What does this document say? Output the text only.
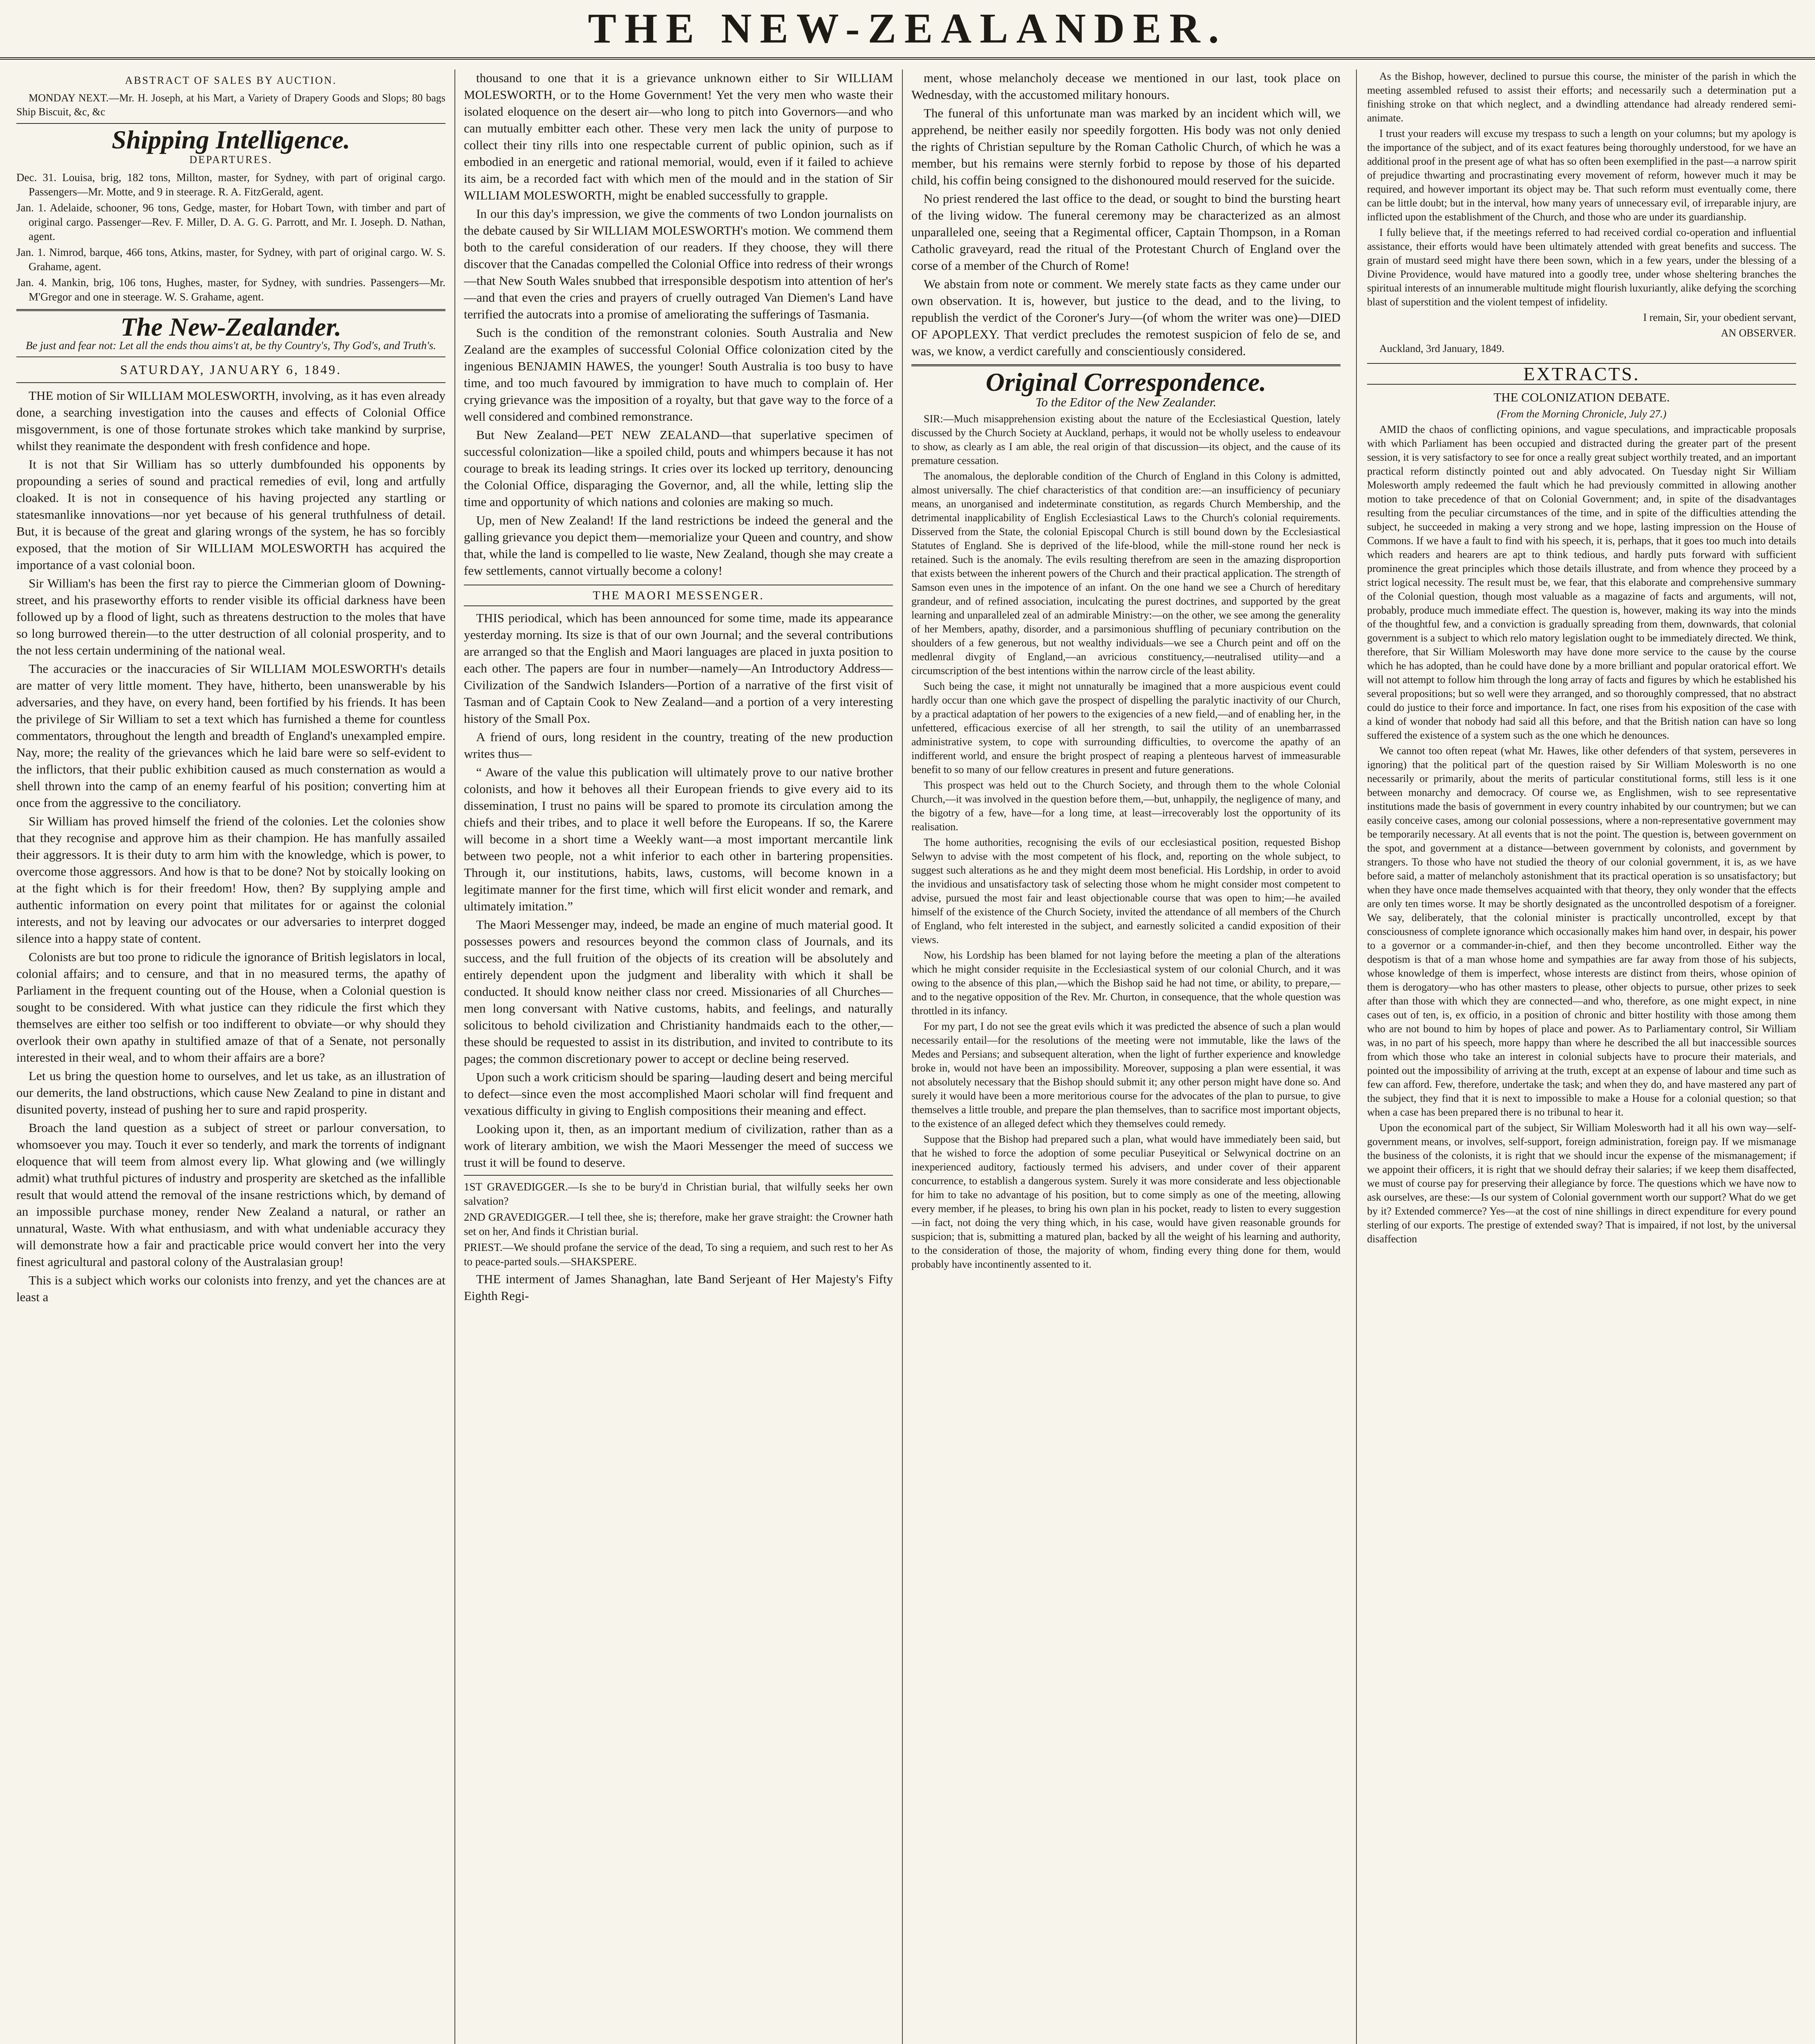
THE NEW-ZEALANDER.
ABSTRACT OF SALES BY AUCTION.

MONDAY NEXT.—Mr. H. Joseph, at his Mart, a Variety of Drapery Goods and Slops; 80 bags Ship Biscuit, &c, &c

Shipping Intelligence.
DEPARTURES.

Dec. 31. Louisa, brig, 182 tons, Millton, master, for Sydney, with part of original cargo. Passengers—Mr. Motte, and 9 in steerage. R. A. FitzGerald, agent.

Jan. 1. Adelaide, schooner, 96 tons, Gedge, master, for Hobart Town, with timber and part of original cargo. Passenger—Rev. F. Miller, D. A. G. G. Parrott, and Mr. I. Joseph. D. Nathan, agent.

Jan. 1. Nimrod, barque, 466 tons, Atkins, master, for Sydney, with part of original cargo. W. S. Grahame, agent.

Jan. 4. Mankin, brig, 106 tons, Hughes, master, for Sydney, with sundries. Passengers—Mr. M'Gregor and one in steerage. W. S. Grahame, agent.

The New-Zealander.

Be just and fear not: Let all the ends thou aims't at, be thy Country's, Thy God's, and Truth's.

SATURDAY, JANUARY 6, 1849.

THE motion of Sir WILLIAM MOLESWORTH, involving, as it has even already done, a searching investigation into the causes and effects of Colonial Office misgovernment, is one of those fortunate strokes which take mankind by surprise, whilst they reanimate the despondent with fresh confidence and hope.

It is not that Sir William has so utterly dumbfounded his opponents by propounding a series of sound and practical remedies of evil, long and artfully cloaked. It is not in consequence of his having projected any startling or statesmanlike innovations—nor yet because of his general truthfulness of detail. But, it is because of the great and glaring wrongs of the system, he has so forcibly exposed, that the motion of Sir WILLIAM MOLESWORTH has acquired the importance of a vast colonial boon.

Sir William's has been the first ray to pierce the Cimmerian gloom of Downing-street, and his praseworthy efforts to render visible its official darkness have been followed up by a flood of light, such as threatens destruction to the moles that have so long burrowed therein—to the utter destruction of all colonial prosperity, and to the not less certain undermining of the national weal.

The accuracies or the inaccuracies of Sir WILLIAM MOLESWORTH's details are matter of very little moment. They have, hitherto, been unanswerable by his adversaries, and they have, on every hand, been fortified by his friends. It has been the privilege of Sir William to set a text which has furnished a theme for countless commentators, throughout the length and breadth of England's unexampled empire. Nay, more; the reality of the grievances which he laid bare were so self-evident to the inflictors, that their public exhibition caused as much consternation as would a shell thrown into the camp of an enemy fearful of his position; converting him at once from the aggressive to the conciliatory.

Sir William has proved himself the friend of the colonies. Let the colonies show that they recognise and approve him as their champion. He has manfully assailed their aggressors. It is their duty to arm him with the knowledge, which is power, to overcome those aggressors. And how is that to be done? Not by stoically looking on at the fight which is for their freedom! How, then? By supplying ample and authentic information on every point that militates for or against the colonial interests, and not by leaving our advocates or our adversaries to interpret dogged silence into a happy state of content.

Colonists are but too prone to ridicule the ignorance of British legislators in local, colonial affairs; and to censure, and that in no measured terms, the apathy of Parliament in the frequent counting out of the House, when a Colonial question is sought to be considered. With what justice can they ridicule the first which they themselves are either too selfish or too indifferent to obviate—or why should they overlook their own apathy in stultified amaze of that of a Senate, not personally interested in their weal, and to whom their affairs are a bore?

Let us bring the question home to ourselves, and let us take, as an illustration of our demerits, the land obstructions, which cause New Zealand to pine in distant and disunited poverty, instead of pushing her to sure and rapid prosperity.

Broach the land question as a subject of street or parlour conversation, to whomsoever you may. Touch it ever so tenderly, and mark the torrents of indignant eloquence that will teem from almost every lip. What glowing and (we willingly admit) what truthful pictures of industry and prosperity are sketched as the infallible result that would attend the removal of the insane restrictions which, by demand of an impossible purchase money, render New Zealand a natural, or rather an unnatural, Waste. With what enthusiasm, and with what undeniable accuracy they will demonstrate how a fair and practicable price would convert her into the very finest agricultural and pastoral colony of the Australasian group!

This is a subject which works our colonists into frenzy, and yet the chances are at least a

thousand to one that it is a grievance unknown either to Sir WILLIAM MOLESWORTH, or to the Home Government! Yet the very men who waste their isolated eloquence on the desert air—who long to pitch into Governors—and who can mutually embitter each other. These very men lack the unity of purpose to collect their tiny rills into one respectable current of public opinion, such as if embodied in an energetic and rational memorial, would, even if it failed to achieve its aim, be a recorded fact with which men of the mould and in the station of Sir WILLIAM MOLESWORTH, might be enabled successfully to grapple.

In our this day's impression, we give the comments of two London journalists on the debate caused by Sir WILLIAM MOLESWORTH's motion. We commend them both to the careful consideration of our readers. If they choose, they will there discover that the Canadas compelled the Colonial Office into redress of their wrongs—that New South Wales snubbed that irresponsible despotism into attention of her's—and that even the cries and prayers of cruelly outraged Van Diemen's Land have terrified the autocrats into a promise of ameliorating the sufferings of Tasmania.

Such is the condition of the remonstrant colonies. South Australia and New Zealand are the examples of successful Colonial Office colonization cited by the ingenious BENJAMIN HAWES, the younger! South Australia is too busy to have time, and too much favoured by immigration to have much to complain of. Her crying grievance was the imposition of a royalty, but that gave way to the force of a well considered and combined remonstrance.

But New Zealand—PET NEW ZEALAND—that superlative specimen of successful colonization—like a spoiled child, pouts and whimpers because it has not courage to break its leading strings. It cries over its locked up territory, denouncing the Colonial Office, disparaging the Governor, and, all the while, letting slip the time and opportunity of which nations and colonies are making so much.

Up, men of New Zealand! If the land restrictions be indeed the general and the galling grievance you depict them—memorialize your Queen and country, and show that, while the land is compelled to lie waste, New Zealand, though she may create a few settlements, cannot virtually become a colony!

THE MAORI MESSENGER.

THIS periodical, which has been announced for some time, made its appearance yesterday morning. Its size is that of our own Journal; and the several contributions are arranged so that the English and Maori languages are placed in juxta position to each other. The papers are four in number—namely—An Introductory Address—Civilization of the Sandwich Islanders—Portion of a narrative of the first visit of Tasman and of Captain Cook to New Zealand—and a portion of a very interesting history of the Small Pox.

A friend of ours, long resident in the country, treating of the new production writes thus—

“ Aware of the value this publication will ultimately prove to our native brother colonists, and how it behoves all their European friends to give every aid to its dissemination, I trust no pains will be spared to promote its circulation among the chiefs and their tribes, and to place it well before the Europeans. If so, the Karere will become in a short time a Weekly want—a most important mercantile link between two people, not a whit inferior to each other in bartering propensities. Through it, our institutions, habits, laws, customs, will become known in a legitimate manner for the first time, which will first elicit wonder and remark, and ultimately imitation.”

The Maori Messenger may, indeed, be made an engine of much material good. It possesses powers and resources beyond the common class of Journals, and its success, and the full fruition of the objects of its creation will be absolutely and entirely dependent upon the judgment and liberality with which it shall be conducted. It should know neither class nor creed. Missionaries of all Churches—men long conversant with Native customs, habits, and feelings, and naturally solicitous to behold civilization and Christianity handmaids each to the other,—these should be requested to assist in its distribution, and invited to contribute to its pages; the common discretionary power to accept or decline being reserved.

Upon such a work criticism should be sparing—lauding desert and being merciful to defect—since even the most accomplished Maori scholar will find frequent and vexatious difficulty in giving to English compositions their meaning and effect.

Looking upon it, then, as an important medium of civilization, rather than as a work of literary ambition, we wish the Maori Messenger the meed of success we trust it will be found to deserve.

1ST GRAVEDIGGER.—Is she to be bury'd in Christian burial, that wilfully seeks her own salvation?

2ND GRAVEDIGGER.—I tell thee, she is; therefore, make her grave straight: the Crowner hath set on her, And finds it Christian burial.

PRIEST.—We should profane the service of the dead, To sing a requiem, and such rest to her As to peace-parted souls.—SHAKSPERE.

THE interment of James Shanaghan, late Band Serjeant of Her Majesty's Fifty Eighth Regi-

ment, whose melancholy decease we mentioned in our last, took place on Wednesday, with the accustomed military honours.

The funeral of this unfortunate man was marked by an incident which will, we apprehend, be neither easily nor speedily forgotten. His body was not only denied the rights of Christian sepulture by the Roman Catholic Church, of which he was a member, but his remains were sternly forbid to repose by those of his departed child, his coffin being consigned to the dishonoured mould reserved for the suicide.

No priest rendered the last office to the dead, or sought to bind the bursting heart of the living widow. The funeral ceremony may be characterized as an almost unparalleled one, seeing that a Regimental officer, Captain Thompson, in a Roman Catholic graveyard, read the ritual of the Protestant Church of England over the corse of a member of the Church of Rome!

We abstain from note or comment. We merely state facts as they came under our own observation. It is, however, but justice to the dead, and to the living, to republish the verdict of the Coroner's Jury—(of whom the writer was one)—DIED OF APOPLEXY. That verdict precludes the remotest suspicion of felo de se, and was, we know, a verdict carefully and conscientiously considered.

Original Correspondence.

To the Editor of the New Zealander.

SIR:—Much misapprehension existing about the nature of the Ecclesiastical Question, lately discussed by the Church Society at Auckland, perhaps, it would not be wholly useless to endeavour to show, as clearly as I am able, the real origin of that discussion—its object, and the cause of its premature cessation.

The anomalous, the deplorable condition of the Church of England in this Colony is admitted, almost universally. The chief characteristics of that condition are:—an insufficiency of pecuniary means, an unorganised and indeterminate constitution, as regards Church Membership, and the detrimental inapplicability of English Ecclesiastical Laws to the Church's colonial requirements. Disserved from the State, the colonial Episcopal Church is still bound down by the Ecclesiastical Statutes of England. She is deprived of the life-blood, while the mill-stone round her neck is retained. Such is the anomaly. The evils resulting therefrom are seen in the amazing disproportion that exists between the inherent powers of the Church and their practical application. The strength of Samson even unes in the impotence of an infant. On the one hand we see a Church of hereditary grandeur, and of refined association, inculcating the purest doctrines, and supported by the great learning and unparalleled zeal of an admirable Ministry:—on the other, we see among the generality of her Members, apathy, disorder, and a parsimonious shuffling of pecuniary contribution on the shoulders of a few generous, but not wealthy individuals—we see a Church peint and off on the medlenral divgity of England,—an avricious constituency,—neutralised utility—and a circumscription of the best intentions within the narrow circle of the least ability.

Such being the case, it might not unnaturally be imagined that a more auspicious event could hardly occur than one which gave the prospect of dispelling the paralytic inactivity of our Church, by a practical adaptation of her powers to the exigencies of a new field,—and of enabling her, in the unfettered, efficacious exercise of all her strength, to sail the utility of an unembarrassed administrative system, to cope with surrounding difficulties, to overcome the apathy of an indifferent world, and ensure the bright prospect of reaping a plenteous harvest of immeasurable benefit to so many of our fellow creatures in present and future generations.

This prospect was held out to the Church Society, and through them to the whole Colonial Church,—it was involved in the question before them,—but, unhappily, the negligence of many, and the bigotry of a few, have—for a long time, at least—irrecoverably lost the opportunity of its realisation.

The home authorities, recognising the evils of our ecclesiastical position, requested Bishop Selwyn to advise with the most competent of his flock, and, reporting on the whole subject, to suggest such alterations as he and they might deem most beneficial. His Lordship, in order to avoid the invidious and unsatisfactory task of selecting those whom he might consider most competent to advise, pursued the most fair and least objectionable course that was open to him;—he availed himself of the existence of the Church Society, invited the attendance of all members of the Church of England, who felt interested in the subject, and earnestly solicited a candid exposition of their views.

Now, his Lordship has been blamed for not laying before the meeting a plan of the alterations which he might consider requisite in the Ecclesiastical system of our colonial Church, and it was owing to the absence of this plan,—which the Bishop said he had not time, or ability, to prepare,—and to the negative opposition of the Rev. Mr. Churton, in consequence, that the whole question was throttled in its infancy.

For my part, I do not see the great evils which it was predicted the absence of such a plan would necessarily entail—for the resolutions of the meeting were not immutable, like the laws of the Medes and Persians; and subsequent alteration, when the light of further experience and knowledge broke in, would not have been an impossibility. Moreover, supposing a plan were essential, it was not absolutely necessary that the Bishop should submit it; any other person might have done so. And surely it would have been a more meritorious course for the advocates of the plan to pursue, to give themselves a little trouble, and prepare the plan themselves, than to sacrifice most important objects, to the existence of an alleged defect which they themselves could remedy.

Suppose that the Bishop had prepared such a plan, what would have immediately been said, but that he wished to force the adoption of some peculiar Puseyitical or Selwynical doctrine on an inexperienced auditory, factiously termed his advisers, and under cover of their apparent concurrence, to establish a dangerous system. Surely it was more considerate and less objectionable for him to take no advantage of his position, but to come simply as one of the meeting, allowing every member, if he pleases, to bring his own plan in his pocket, ready to listen to every suggestion—in fact, not doing the very thing which, in his case, would have given reasonable grounds for suspicion; that is, submitting a matured plan, backed by all the weight of his learning and authority, to the consideration of those, the majority of whom, finding every thing done for them, would probably have incontinently assented to it.

As the Bishop, however, declined to pursue this course, the minister of the parish in which the meeting assembled refused to assist their efforts; and necessarily such a determination put a finishing stroke on that which neglect, and a dwindling attendance had already rendered semi-animate.

I trust your readers will excuse my trespass to such a length on your columns; but my apology is the importance of the subject, and of its exact features being thoroughly understood, for we have an additional proof in the present age of what has so often been exemplified in the past—a narrow spirit of prejudice thwarting and procrastinating every movement of reform, however much it may be required, and however important its object may be. That such reform must eventually come, there can be little doubt; but in the interval, how many years of unnecessary evil, of irreparable injury, are inflicted upon the establishment of the Church, and those who are under its guardianship.

I fully believe that, if the meetings referred to had received cordial co-operation and influential assistance, their efforts would have been ultimately attended with great benefits and success. The grain of mustard seed might have there been sown, which in a few years, under the blessing of a Divine Providence, would have matured into a goodly tree, under whose sheltering branches the spiritual interests of an innumerable multitude might flourish luxuriantly, alike defying the scorching blast of superstition and the violent tempest of infidelity.

I remain, Sir, your obedient servant,

AN OBSERVER.

Auckland, 3rd January, 1849.

EXTRACTS.

THE COLONIZATION DEBATE.

(From the Morning Chronicle, July 27.)

AMID the chaos of conflicting opinions, and vague speculations, and impracticable proposals with which Parliament has been occupied and distracted during the greater part of the present session, it is very satisfactory to see for once a really great subject worthily treated, and an important practical reform distinctly pointed out and ably advocated. On Tuesday night Sir William Molesworth amply redeemed the fault which he had previously committed in allowing another motion to take precedence of that on Colonial Government; and, in spite of the disadvantages resulting from the peculiar circumstances of the time, and in spite of the difficulties attending the subject, he succeeded in making a very strong and we hope, lasting impression on the House of Commons. If we have a fault to find with his speech, it is, perhaps, that it goes too much into details which readers and hearers are apt to think tedious, and hardly puts forward with sufficient prominence the great principles which those details illustrate, and from whence they proceed by a strict logical necessity. The result must be, we fear, that this elaborate and comprehensive summary of the Colonial question, though most valuable as a magazine of facts and arguments, will not, probably, produce much immediate effect. The question is, however, making its way into the minds of the thoughtful few, and a conviction is gradually spreading from them, downwards, that colonial government is a subject to which relo matory legislation ought to be immediately directed. We think, therefore, that Sir William Molesworth may have done more service to the cause by the course which he has adopted, than he could have done by a more brilliant and popular oratorical effort. We will not attempt to follow him through the long array of facts and figures by which he established his several propositions; but so well were they arranged, and so thoroughly compressed, that no abstract could do justice to their force and importance. In fact, one rises from his exposition of the case with a kind of wonder that nobody had said all this before, and that the British nation can have so long suffered the existence of a system such as the one which he denounces.

We cannot too often repeat (what Mr. Hawes, like other defenders of that system, perseveres in ignoring) that the political part of the question raised by Sir William Molesworth is no one necessarily or primarily, about the merits of particular constitutional forms, still less is it one between monarchy and democracy. Of course we, as Englishmen, wish to see representative institutions made the basis of government in every country inhabited by our countrymen; but we can easily conceive cases, among our colonial possessions, where a non-representative government may be temporarily necessary. At all events that is not the point. The question is, between government on the spot, and government at a distance—between government by colonists, and government by strangers. To those who have not studied the theory of our colonial government, it is, as we have before said, a matter of melancholy astonishment that its practical operation is so unsatisfactory; but when they have once made themselves acquainted with that theory, they only wonder that the effects are only ten times worse. It may be shortly designated as the uncontrolled despotism of a foreigner. We say, deliberately, that the colonial minister is practically uncontrolled, except by that consciousness of complete ignorance which occasionally makes him hand over, in despair, his power to a governor or a commander-in-chief, and then they become uncontrolled. Either way the despotism is that of a man whose home and sympathies are far away from those of his subjects, whose knowledge of them is imperfect, whose interests are distinct from theirs, whose opinion of them is derogatory—who has other masters to please, other objects to pursue, other prizes to seek after than those with which they are connected—and who, therefore, as one might expect, in nine cases out of ten, is, ex officio, in a position of chronic and bitter hostility with those among them who are not bound to him by hopes of place and power. As to Parliamentary control, Sir William was, in no part of his speech, more happy than where he described the all but inaccessible sources from which those who take an interest in colonial subjects have to procure their materials, and pointed out the impossibility of arriving at the truth, except at an expense of labour and time such as few can afford. Few, therefore, undertake the task; and when they do, and have mastered any part of the subject, they find that it is next to impossible to make a House for a colonial question; so that when a case has been prepared there is no tribunal to hear it.

Upon the economical part of the subject, Sir William Molesworth had it all his own way—self-government means, or involves, self-support, foreign administration, foreign pay. If we mismanage the business of the colonists, it is right that we should incur the expense of the mismanagement; if we appoint their officers, it is right that we should defray their salaries; if we keep them disaffected, we must of course pay for preserving their allegiance by force. The questions which we have now to ask ourselves, are these:—Is our system of Colonial government worth our support? What do we get by it? Extended commerce? Yes—at the cost of nine shillings in direct expenditure for every pound sterling of our exports. The prestige of extended sway? That is impaired, if not lost, by the universal disaffection
